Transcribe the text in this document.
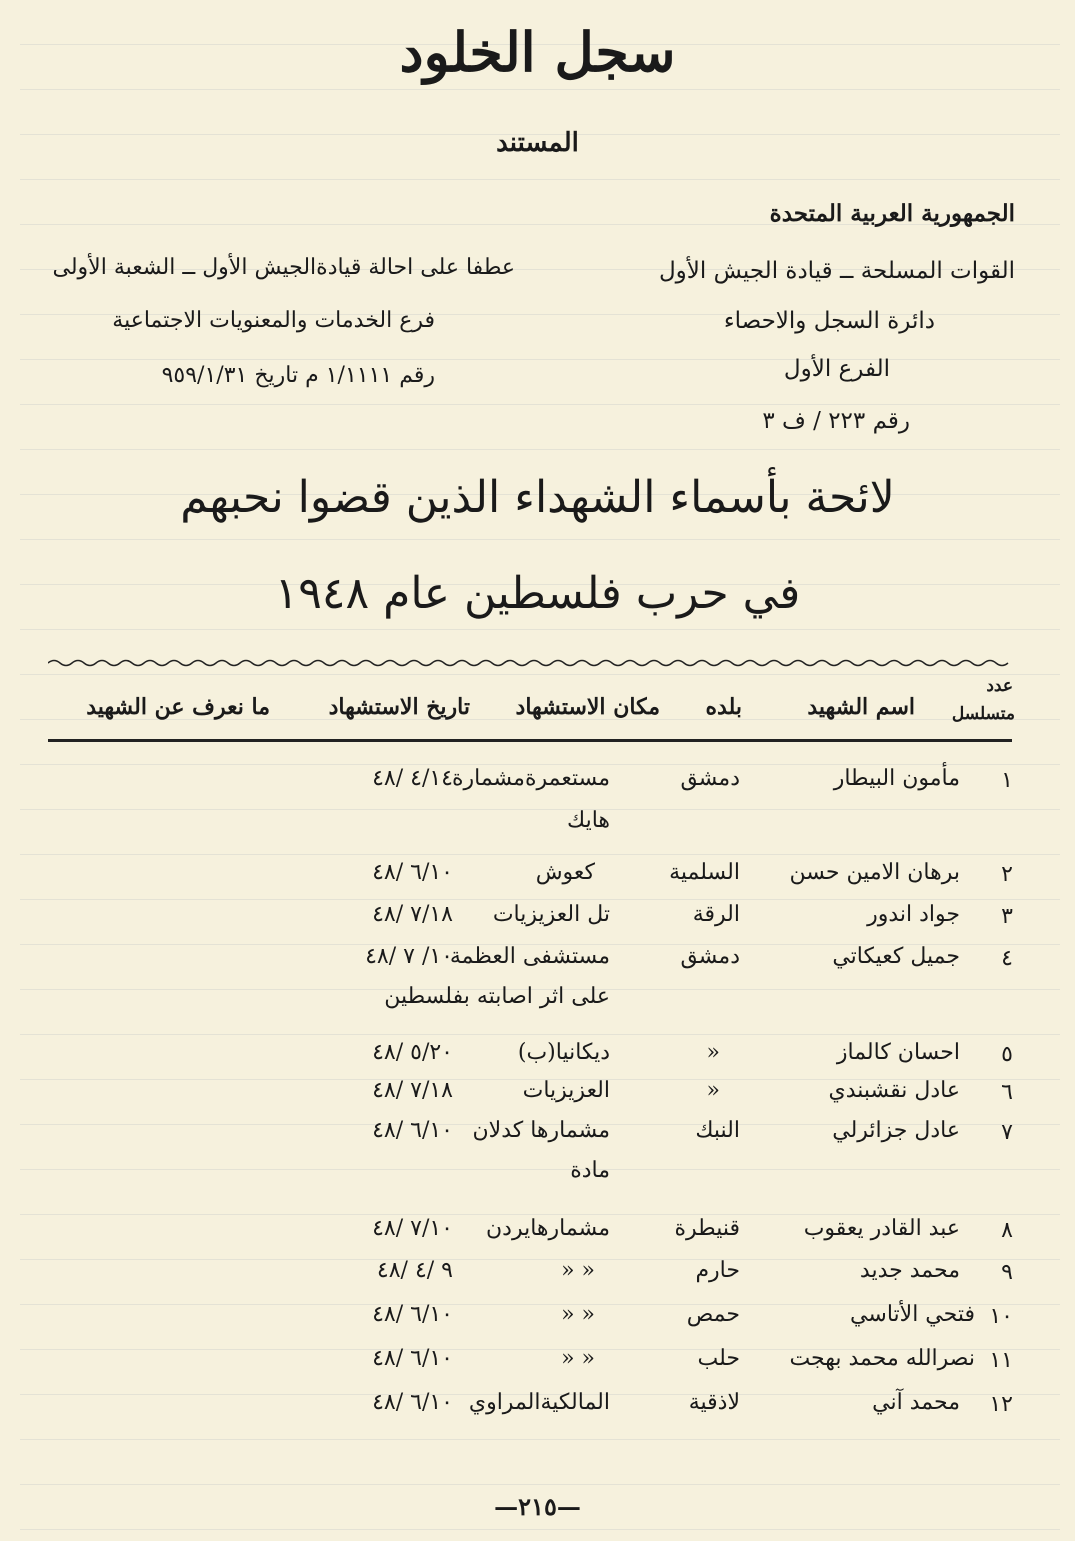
سجل الخلود
المستند
الجمهورية العربية المتحدة
القوات المسلحة ــ قيادة الجيش الأول
دائرة السجل والاحصاء
الفرع الأول
رقم ٢٢٣ / ف ٣
عطفا على احالة قيادةالجيش الأول ــ الشعبة الأولى
فرع الخدمات والمعنويات الاجتماعية
رقم ١/١١١١ م تاريخ ٩٥٩/١/٣١
لائحة بأسماء الشهداء الذين قضوا نحبهم
في حرب فلسطين عام ١٩٤٨
عدد
متسلسل
اسم الشهيد
بلده
مكان الاستشهاد
تاريخ الاستشهاد
ما نعرف عن الشهيد
١
مأمون البيطار
دمشق
مستعمرةمشمارة
٤/١٤ /٤٨
هايك
٢
برهان الامين حسن
السلمية
كعوش
٦/١٠ /٤٨
٣
جواد اندور
الرقة
تل العزيزيات
٧/١٨ /٤٨
٤
جميل كعيكاتي
دمشق
مستشفى العظمة
١٠/ ٧ /٤٨
على اثر اصابته بفلسطين
٥
احسان كالماز
«
ديكانيا(ب)
٥/٢٠ /٤٨
٦
عادل نقشبندي
«
العزيزيات
٧/١٨ /٤٨
٧
عادل جزائرلي
النبك
مشمارها كدلان
٦/١٠ /٤٨
مادة
٨
عبد القادر يعقوب
قنيطرة
مشمارهايردن
٧/١٠ /٤٨
٩
محمد جديد
حارم
« «
٩ /٤ /٤٨
١٠
فتحي الأتاسي
حمص
« «
٦/١٠ /٤٨
١١
نصرالله محمد بهجت
حلب
« «
٦/١٠ /٤٨
١٢
محمد آني
لاذقية
المالكيةالمراوي
٦/١٠ /٤٨
—٢١٥—
